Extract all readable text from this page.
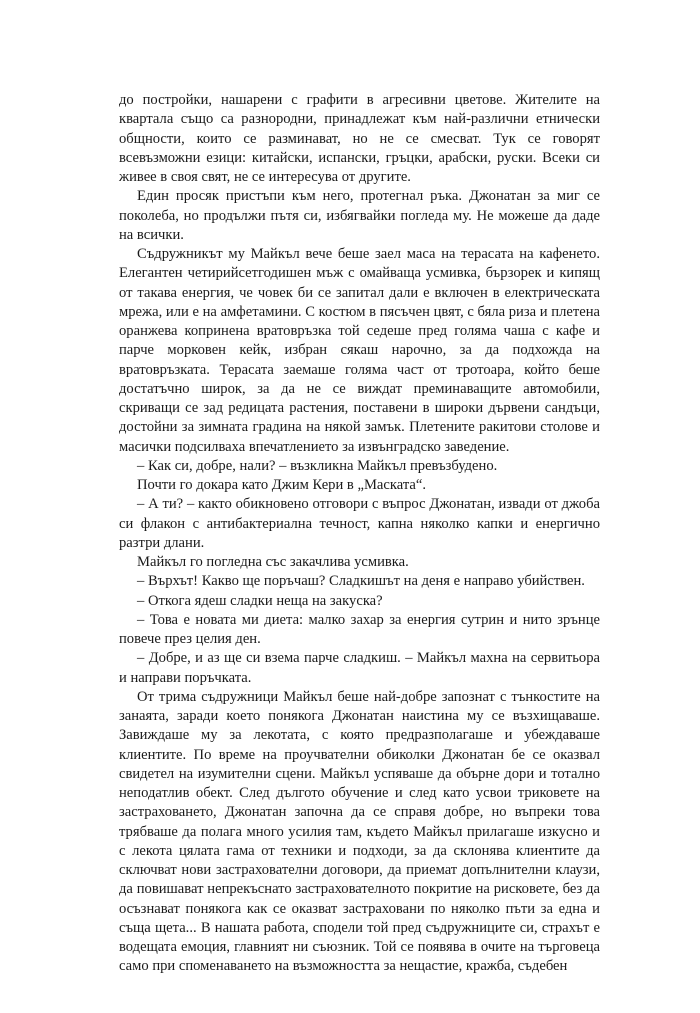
до постройки, нашарени с графити в агресивни цветове. Жителите на квартала също са разнородни, принадлежат към най-различни етнически общности, които се разминават, но не се смесват. Тук се говорят всевъзможни езици: китайски, испански, гръцки, арабски, руски. Всеки си живее в своя свят, не се интересува от другите.

Един просяк пристъпи към него, протегнал ръка. Джонатан за миг се поколеба, но продължи пътя си, избягвайки погледа му. Не можеше да даде на всички.

Съдружникът му Майкъл вече беше заел маса на терасата на кафенето. Елегантен четирийсетгодишен мъж с омайваща усмивка, бързорек и кипящ от такава енергия, че човек би се запитал дали е включен в електрическата мрежа, или е на амфетамини. С костюм в пясъчен цвят, с бяла риза и плетена оранжева копринена вратовръзка той седеше пред голяма чаша с кафе и парче морковен кейк, избран сякаш нарочно, за да подхожда на вратовръзката. Терасата заемаше голяма част от тротоара, който беше достатъчно широк, за да не се виждат преминаващите автомобили, скриващи се зад редицата растения, поставени в широки дървени сандъци, достойни за зимната градина на някой замък. Плетените ракитови столове и масички подсилваха впечатлението за извънградско заведение.

– Как си, добре, нали? – възкликна Майкъл превъзбудено.

Почти го докара като Джим Кери в „Маската“.

– А ти? – както обикновено отговори с въпрос Джонатан, извади от джоба си флакон с антибактериална течност, капна няколко капки и енергично разтри длани.

Майкъл го погледна със закачлива усмивка.

– Върхът! Какво ще поръчаш? Сладкишът на деня е направо убийствен.

– Откога ядеш сладки неща на закуска?

– Това е новата ми диета: малко захар за енергия сутрин и нито зрънце повече през целия ден.

– Добре, и аз ще си взема парче сладкиш. – Майкъл махна на сервитьора и направи поръчката.

От трима съдружници Майкъл беше най-добре запознат с тънкостите на занаята, заради което понякога Джонатан наистина му се възхищаваше. Завиждаше му за лекотата, с която предразполагаше и убеждаваше клиентите. По време на проучвателни обиколки Джонатан бе се оказвал свидетел на изумителни сцени. Майкъл успяваше да обърне дори и тотално неподатлив обект. След дългото обучение и след като усвои триковете на застраховането, Джонатан започна да се справя добре, но въпреки това трябваше да полага много усилия там, където Майкъл прилагаше изкусно и с лекота цялата гама от техники и подходи, за да склонява клиентите да сключват нови застрахователни договори, да приемат допълнителни клаузи, да повишават непрекъснато застрахователното покритие на рисковете, без да осъзнават понякога как се оказват застраховани по няколко пъти за една и съща щета... В нашата работа, сподели той пред съдружниците си, страхът е водещата емоция, главният ни съюзник. Той се появява в очите на търговеца само при споменаването на възможността за нещастие, кражба, съдебен
